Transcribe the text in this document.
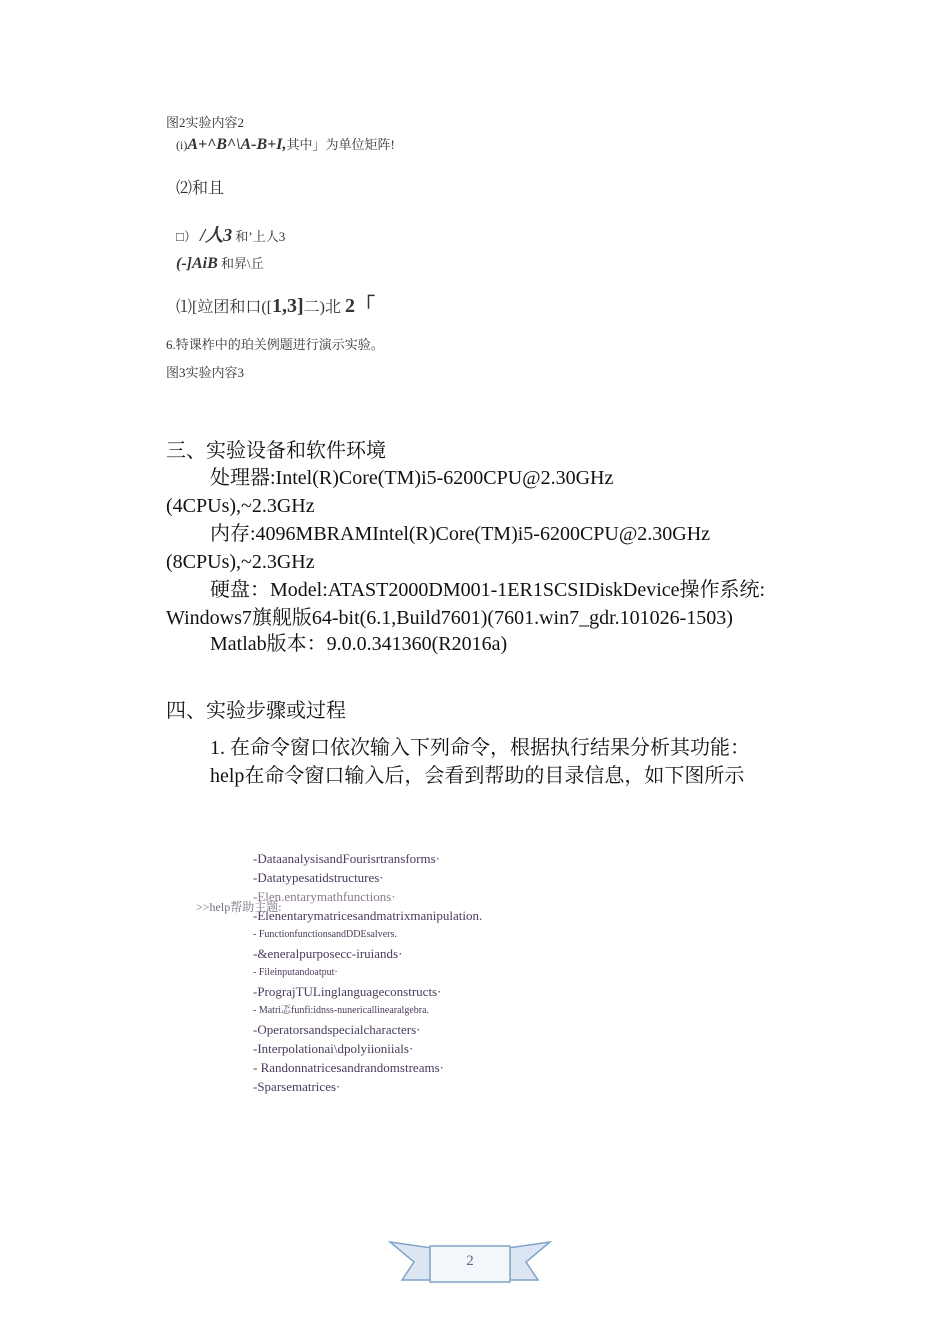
图2实验内容2
(i)A+^B^\A-B+I,其中」为单位矩阵!
⑵和且
□） /人3 和’上人3
(-]AiB 和昇\丘
⑴[竝团和口([1,3]二)北 2「
6.特课柞中的珀关例题进行演示实验。
图3实验内容3
三、实验设备和软件环境
处理器:Intel(R)Core(TM)i5-6200CPU@2.30GHz
(4CPUs),~2.3GHz
内存:4096MBRAMIntel(R)Core(TM)i5-6200CPU@2.30GHz
(8CPUs),~2.3GHz
硬盘：Model:ATAST2000DM001-1ER1SCSIDiskDevice操作系统:
Windows7旗舰版64-bit(6.1,Build7601)(7601.win7_gdr.101026-1503)
Matlab版本：9.0.0.341360(R2016a)
四、实验步骤或过程
1. 在命令窗口依次输入下列命令，根据执行结果分析其功能：
help在命令窗口输入后，会看到帮助的目录信息，如下图所示
>>help帮助主题:
-DataanalysisandFourisrtransforms·
-Datatypesatidstructures·
-Elen.entarymathfunctions·
-Elenentarymatricesandmatrixmanipulation.
- FunctionfunctionsandDDEsalvers.
-&eneralpurposecc-iruiands·
- Fileinputandoatput·
-PrograjTULinglanguageconstructs·
- Matri忑funfi:idnss-nunericallinearalgebra.
-Operatorsandspecialcharacters·
-Interpolationai\dpolyiioniials·
- Randonnatricesandrandomstreams·
-Sparsematrices·
2
